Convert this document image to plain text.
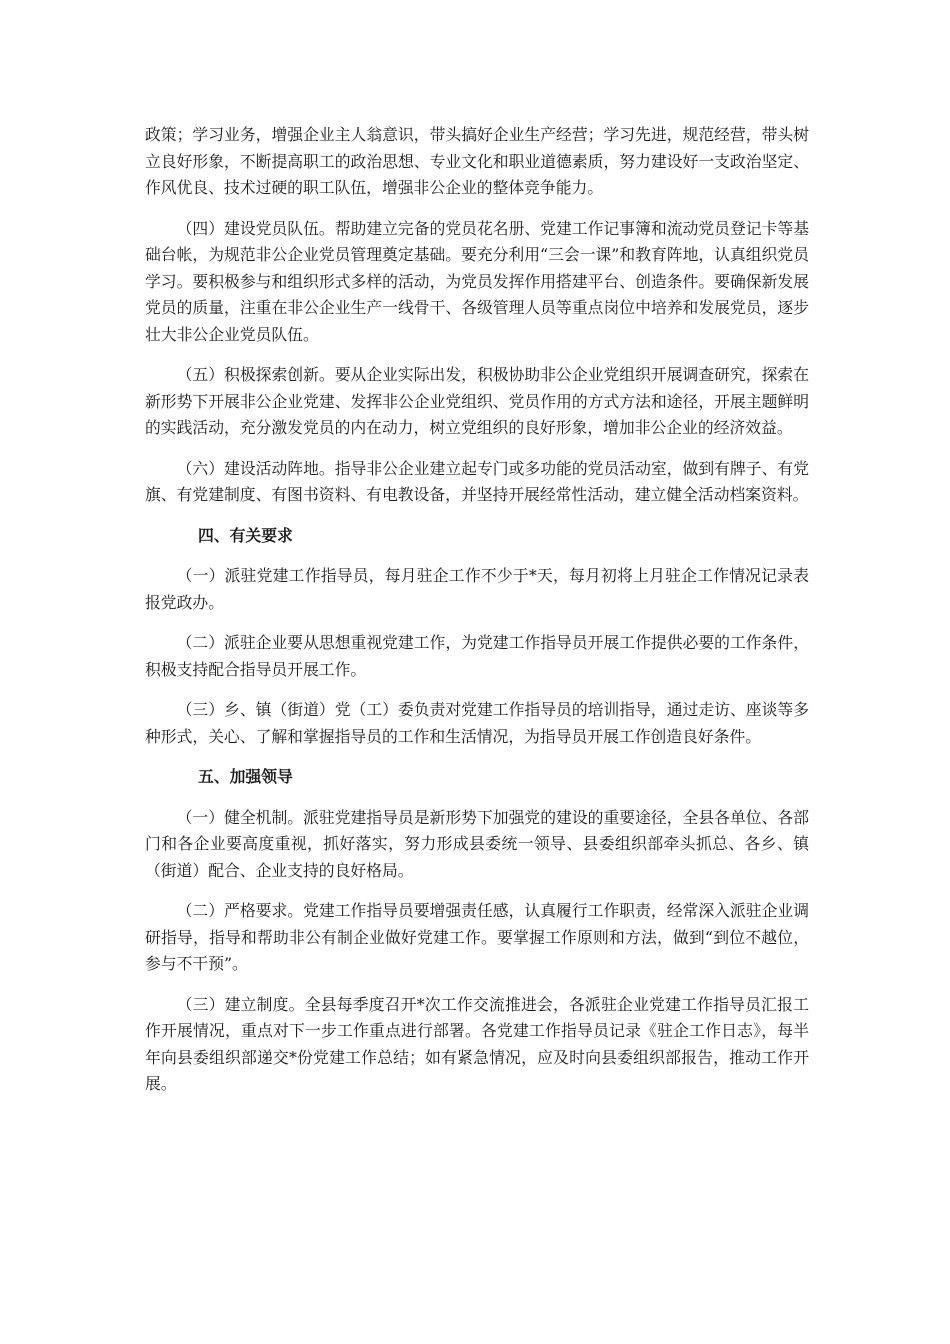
政策；学习业务，增强企业主人翁意识，带头搞好企业生产经营；学习先进，规范经营，带头树立良好形象，不断提高职工的政治思想、专业文化和职业道德素质，努力建设好一支政治坚定、作风优良、技术过硬的职工队伍，增强非公企业的整体竞争能力。

（四）建设党员队伍。帮助建立完备的党员花名册、党建工作记事簿和流动党员登记卡等基础台帐，为规范非公企业党员管理奠定基础。要充分利用“三会一课”和教育阵地，认真组织党员学习。要积极参与和组织形式多样的活动，为党员发挥作用搭建平台、创造条件。要确保新发展党员的质量，注重在非公企业生产一线骨干、各级管理人员等重点岗位中培养和发展党员，逐步壮大非公企业党员队伍。

（五）积极探索创新。要从企业实际出发，积极协助非公企业党组织开展调查研究，探索在新形势下开展非公企业党建、发挥非公企业党组织、党员作用的方式方法和途径，开展主题鲜明的实践活动，充分激发党员的内在动力，树立党组织的良好形象，增加非公企业的经济效益。

（六）建设活动阵地。指导非公企业建立起专门或多功能的党员活动室，做到有牌子、有党旗、有党建制度、有图书资料、有电教设备，并坚持开展经常性活动，建立健全活动档案资料。

四、有关要求

（一）派驻党建工作指导员，每月驻企工作不少于*天，每月初将上月驻企工作情况记录表报党政办。

（二）派驻企业要从思想重视党建工作，为党建工作指导员开展工作提供必要的工作条件，积极支持配合指导员开展工作。

（三）乡、镇（街道）党（工）委负责对党建工作指导员的培训指导，通过走访、座谈等多种形式，关心、了解和掌握指导员的工作和生活情况，为指导员开展工作创造良好条件。

五、加强领导

（一）健全机制。派驻党建指导员是新形势下加强党的建设的重要途径，全县各单位、各部门和各企业要高度重视，抓好落实，努力形成县委统一领导、县委组织部牵头抓总、各乡、镇（街道）配合、企业支持的良好格局。

（二）严格要求。党建工作指导员要增强责任感，认真履行工作职责，经常深入派驻企业调研指导，指导和帮助非公有制企业做好党建工作。要掌握工作原则和方法，做到“到位不越位，参与不干预”。

（三）建立制度。全县每季度召开*次工作交流推进会，各派驻企业党建工作指导员汇报工作开展情况，重点对下一步工作重点进行部署。各党建工作指导员记录《驻企工作日志》，每半年向县委组织部递交*份党建工作总结；如有紧急情况，应及时向县委组织部报告，推动工作开展。
